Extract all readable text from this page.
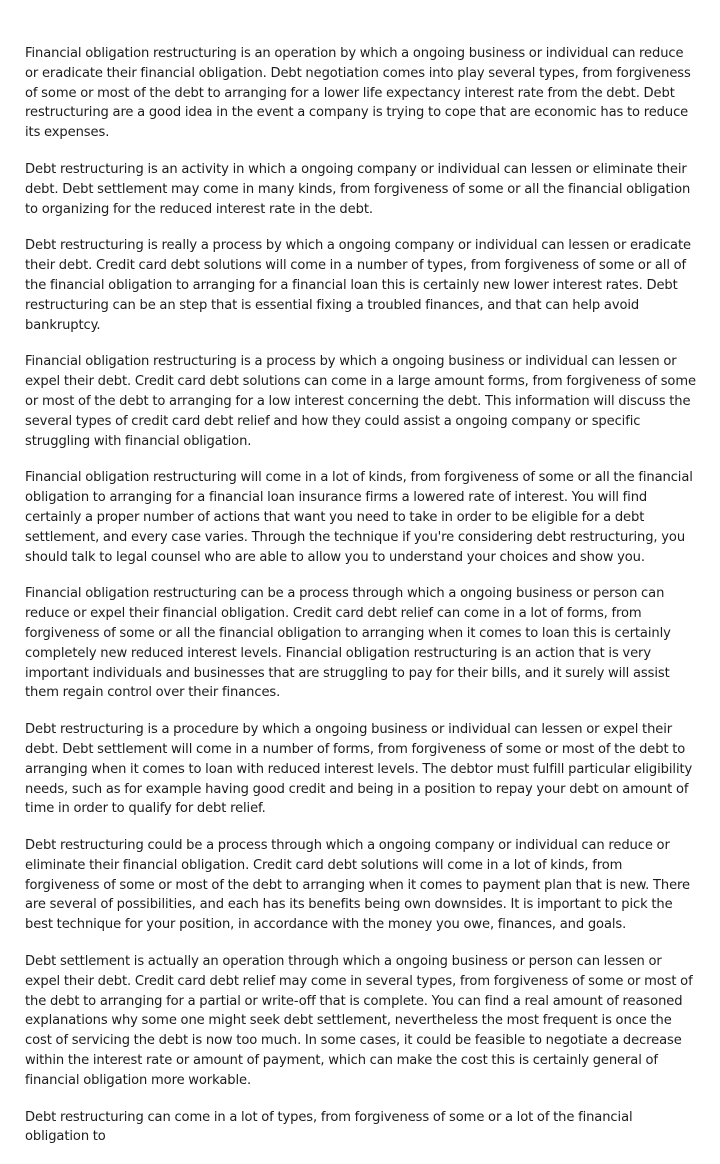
Financial obligation restructuring is an operation by which a ongoing business or individual can reduce or eradicate their financial obligation. Debt negotiation comes into play several types, from forgiveness of some or most of the debt to arranging for a lower life expectancy interest rate from the debt. Debt restructuring are a good idea in the event a company is trying to cope that are economic has to reduce its expenses.

Debt restructuring is an activity in which a ongoing company or individual can lessen or eliminate their debt. Debt settlement may come in many kinds, from forgiveness of some or all the financial obligation to organizing for the reduced interest rate in the debt.

Debt restructuring is really a process by which a ongoing company or individual can lessen or eradicate their debt. Credit card debt solutions will come in a number of types, from forgiveness of some or all of the financial obligation to arranging for a financial loan this is certainly new lower interest rates. Debt restructuring can be an step that is essential fixing a troubled finances, and that can help avoid bankruptcy.

Financial obligation restructuring is a process by which a ongoing business or individual can lessen or expel their debt. Credit card debt solutions can come in a large amount forms, from forgiveness of some or most of the debt to arranging for a low interest concerning the debt. This information will discuss the several types of credit card debt relief and how they could assist a ongoing company or specific struggling with financial obligation.

Financial obligation restructuring will come in a lot of kinds, from forgiveness of some or all the financial obligation to arranging for a financial loan insurance firms a lowered rate of interest. You will find certainly a proper number of actions that want you need to take in order to be eligible for a debt settlement, and every case varies. Through the technique if you're considering debt restructuring, you should talk to legal counsel who are able to allow you to understand your choices and show you.

Financial obligation restructuring can be a process through which a ongoing business or person can reduce or expel their financial obligation. Credit card debt relief can come in a lot of forms, from forgiveness of some or all the financial obligation to arranging when it comes to loan this is certainly completely new reduced interest levels. Financial obligation restructuring is an action that is very important individuals and businesses that are struggling to pay for their bills, and it surely will assist them regain control over their finances.

Debt restructuring is a procedure by which a ongoing business or individual can lessen or expel their debt. Debt settlement will come in a number of forms, from forgiveness of some or most of the debt to arranging when it comes to loan with reduced interest levels. The debtor must fulfill particular eligibility needs, such as for example having good credit and being in a position to repay your debt on amount of time in order to qualify for debt relief.

Debt restructuring could be a process through which a ongoing company or individual can reduce or eliminate their financial obligation. Credit card debt solutions will come in a lot of kinds, from forgiveness of some or most of the debt to arranging when it comes to payment plan that is new. There are several of possibilities, and each has its benefits being own downsides. It is important to pick the best technique for your position, in accordance with the money you owe, finances, and goals.

Debt settlement is actually an operation through which a ongoing business or person can lessen or expel their debt. Credit card debt relief may come in several types, from forgiveness of some or most of the debt to arranging for a partial or write-off that is complete. You can find a real amount of reasoned explanations why some one might seek debt settlement, nevertheless the most frequent is once the cost of servicing the debt is now too much. In some cases, it could be feasible to negotiate a decrease within the interest rate or amount of payment, which can make the cost this is certainly general of financial obligation more workable.

Debt restructuring can come in a lot of types, from forgiveness of some or a lot of the financial obligation to
